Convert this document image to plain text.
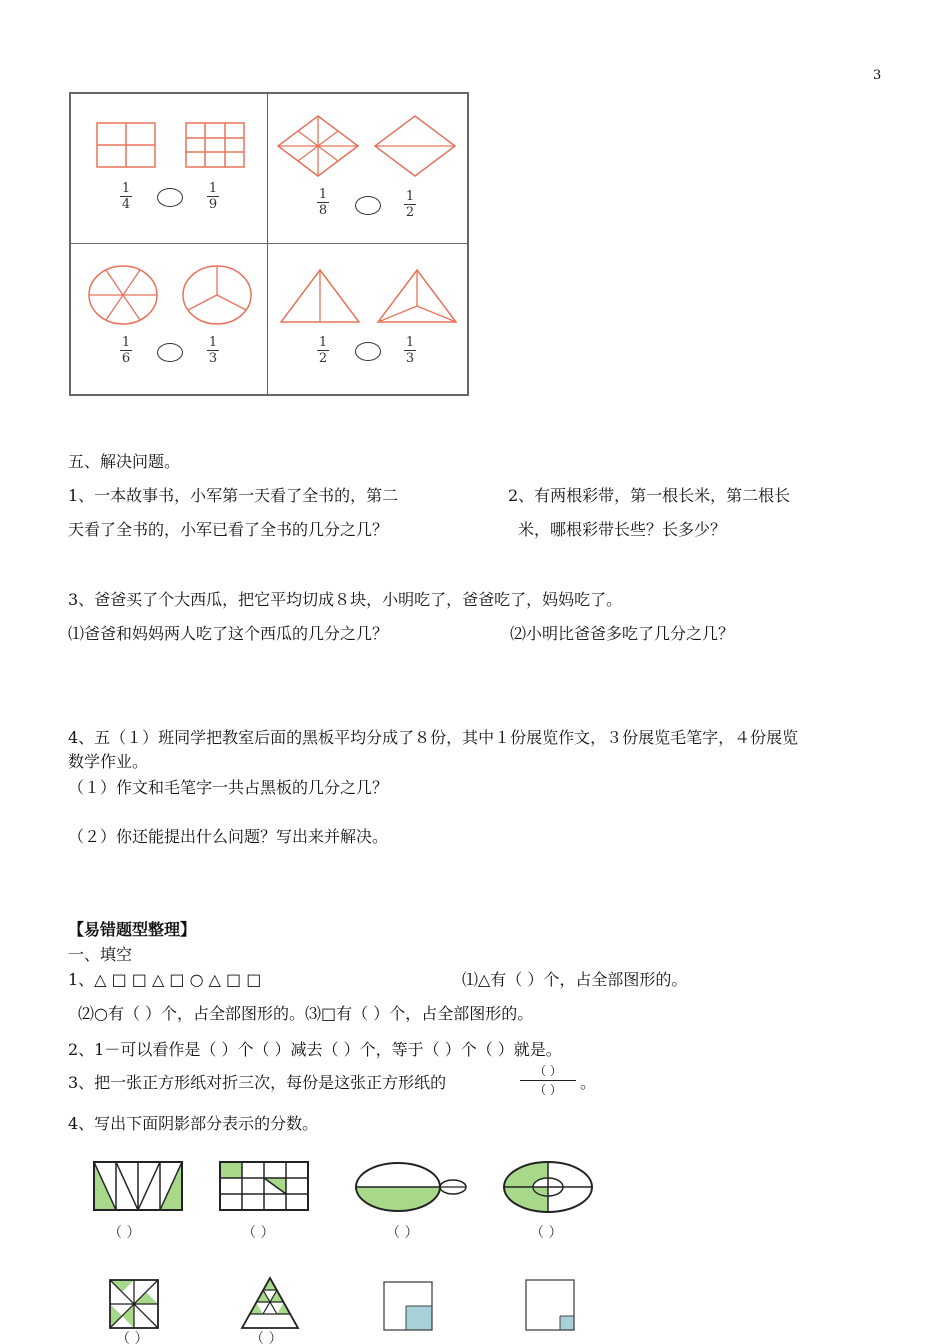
3
1
4
1
9
1
8
1
2
1
6
1
3
1
2
1
3
五、解决问题。
1、一本故事书，小军第一天看了全书的，第二
天看了全书的，小军已看了全书的几分之几？
2、有两根彩带，第一根长米，第二根长
米，哪根彩带长些？长多少？
3、爸爸买了个大西瓜，把它平均切成８块，小明吃了，爸爸吃了，妈妈吃了。
⑴爸爸和妈妈两人吃了这个西瓜的几分之几？	⑵小明比爸爸多吃了几分之几？
4、五（１）班同学把教室后面的黑板平均分成了８份，其中１份展览作文，３份展览毛笔字，４份展览
数学作业。
（１）作文和毛笔字一共占黑板的几分之几？
（２）你还能提出什么问题？写出来并解决。
【易错题型整理】
一、填空
1、△ □ □ △ □ ○ △ □ □	⑴△有（ ）个，占全部图形的。
⑵○有（ ）个，占全部图形的。⑶□有（ ）个，占全部图形的。
2、1－可以看作是（ ）个（ ）减去（ ）个，等于（ ）个（ ）就是。
3、把一张正方形纸对折三次，每份是这张正方形纸的
（ ）
（ ）	。
4、写出下面阴影部分表示的分数。
（ ）	（ ）	（ ）	（ ）
（ ）	（ ）
